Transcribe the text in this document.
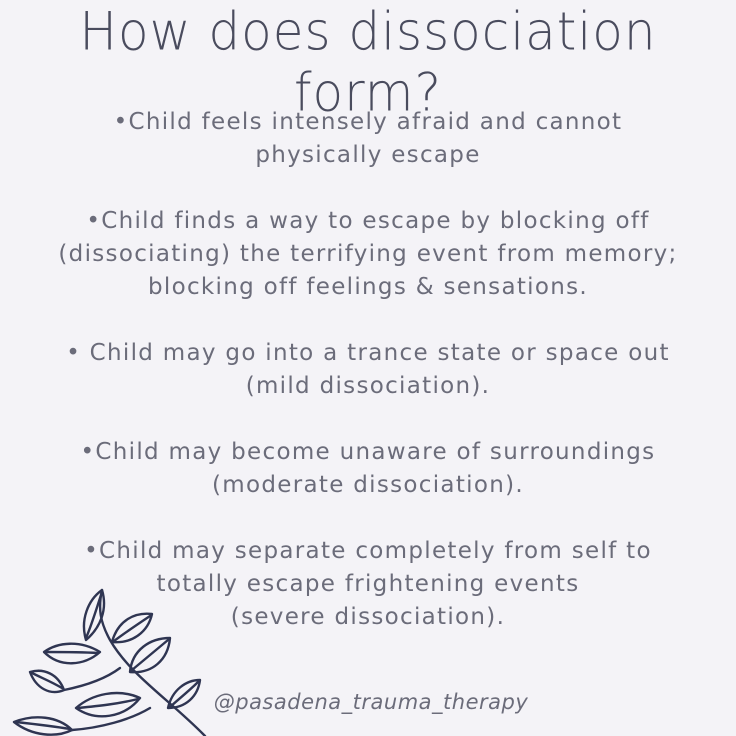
How does dissociation form?
•Child feels intensely afraid and cannot
physically escape
•Child finds a way to escape by blocking off
(dissociating) the terrifying event from memory;
blocking off feelings & sensations.
• Child may go into a trance state or space out
(mild dissociation).
•Child may become unaware of surroundings
(moderate dissociation).
•Child may separate completely from self to
totally escape frightening events
(severe dissociation).
@pasadena_trauma_therapy
